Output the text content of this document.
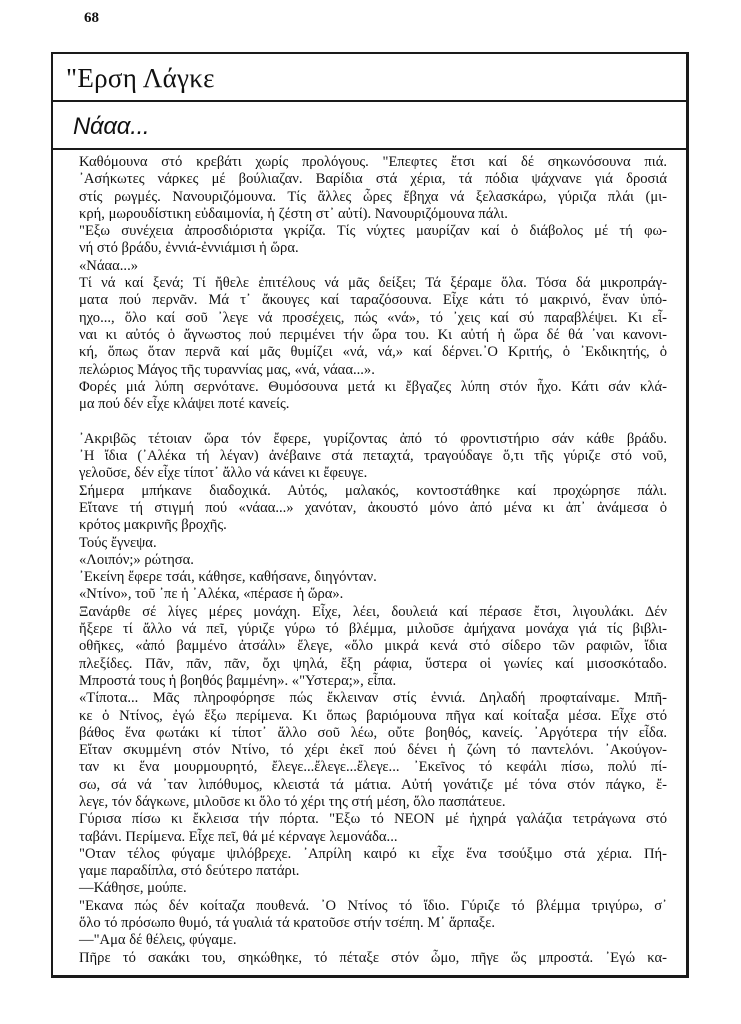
68
"Ερση Λάγκε
Νάαα...
Καθόμουνα στό κρεβάτι χωρίς προλόγους. "Επεφτες ἔτσι καί δέ σηκωνόσουνα πιά.
᾽Ασήκωτες νάρκες μέ βούλιαζαν. Βαρίδια στά χέρια, τά πόδια ψάχνανε γιά δροσιά
στίς ρωγμές. Νανουριζόμουνα. Τίς ἄλλες ὧρες ἔβηχα νά ξελασκάρω, γύριζα πλάι (μι-
κρή, μωρουδίστικη εὐδαιμονία, ἡ ζέστη στ᾽ αὐτί). Νανουριζόμουνα πάλι.
"Εξω συνέχεια ἀπροσδιόριστα γκρίζα. Τίς νύχτες μαυρίζαν καί ὁ διάβολος μέ τή φω-
νή στό βράδυ, ἐννιά-ἐννιάμισι ἡ ὥρα.
«Νάαα...»
Τί νά καί ξενά; Τί ἤθελε ἐπιτέλους νά μᾶς δείξει; Τά ξέραμε ὅλα. Τόσα δά μικροπράγ-
ματα πού περνᾶν. Μά τ᾽ ἄκουγες καί ταραζόσουνα. Εἶχε κάτι τό μακρινό, ἕναν ὑπό-
ηχο..., ὅλο καί σοῦ ᾽λεγε νά προσέχεις, πώς «νά», τό ᾽χεις καί σύ παραβλέψει. Κι εἶ-
ναι κι αὐτός ὁ ἄγνωστος πού περιμένει τήν ὥρα του. Κι αὐτή ἡ ὥρα δέ θά ᾽ναι κανονι-
κή, ὅπως ὅταν περνᾶ καί μᾶς θυμίζει «νά, νά,» καί δέρνει.᾽Ο Κριτής, ὁ ᾽Εκδικητής, ὁ
πελώριος Μάγος τῆς τυραννίας μας, «νά, νάαα...».
Φορές μιά λύπη σερνότανε. Θυμόσουνα μετά κι ἔβγαζες λύπη στόν ἦχο. Κάτι σάν κλά-
μα πού δέν εἶχε κλάψει ποτέ κανείς.
᾽Ακριβῶς τέτοιαν ὥρα τόν ἔφερε, γυρίζοντας ἀπό τό φροντιστήριο σάν κάθε βράδυ.
᾽Η ἴδια (᾽Αλέκα τή λέγαν) ἀνέβαινε στά πεταχτά, τραγούδαγε ὅ,τι τῆς γύριζε στό νοῦ,
γελοῦσε, δέν εἶχε τίποτ᾽ ἄλλο νά κάνει κι ἔφευγε.
Σήμερα μπήκανε διαδοχικά. Αὐτός, μαλακός, κοντοστάθηκε καί προχώρησε πάλι.
Εἴτανε τή στιγμή πού «νάαα...» χανόταν, ἀκουστό μόνο ἀπό μένα κι ἀπ᾽ ἀνάμεσα ὁ
κρότος μακρινῆς βροχῆς.
Τούς ἔγνεψα.
«Λοιπόν;» ρώτησα.
᾽Εκείνη ἔφερε τσάι, κάθησε, καθήσανε, διηγόνταν.
«Ντίνο», τοῦ ᾽πε ἡ ᾽Αλέκα, «πέρασε ἡ ὥρα».
Ξανάρθε σέ λίγες μέρες μονάχη. Εἶχε, λέει, δουλειά καί πέρασε ἔτσι, λιγουλάκι. Δέν
ἤξερε τί ἄλλο νά πεῖ, γύριζε γύρω τό βλέμμα, μιλοῦσε ἀμήχανα μονάχα γιά τίς βιβλι-
οθῆκες, «ἀπό βαμμένο ἀτσάλι» ἔλεγε, «ὅλο μικρά κενά στό σίδερο τῶν ραφιῶν, ἴδια
πλεξίδες. Πᾶν, πᾶν, πᾶν, ὄχι ψηλά, ἔξη ράφια, ὕστερα οἱ γωνίες καί μισοσκόταδο.
Μπροστά τους ἡ βοηθός βαμμένη». «"Υστερα;», εἶπα.
«Τίποτα... Μᾶς πληροφόρησε πώς ἔκλειναν στίς ἐννιά. Δηλαδή προφταίναμε. Μπῆ-
κε ὁ Ντίνος, ἐγώ ἔξω περίμενα. Κι ὅπως βαριόμουνα πῆγα καί κοίταξα μέσα. Εἶχε στό
βάθος ἕνα φωτάκι κί τίποτ᾽ ἄλλο σοῦ λέω, οὔτε βοηθός, κανείς. ᾽Αργότερα τήν εἶδα.
Εἴταν σκυμμένη στόν Ντίνο, τό χέρι ἐκεῖ πού δένει ἡ ζώνη τό παντελόνι. ᾽Ακούγον-
ταν κι ἕνα μουρμουρητό, ἔλεγε...ἔλεγε...ἔλεγε... ᾽Εκεῖνος τό κεφάλι πίσω, πολύ πί-
σω, σά νά ᾽ταν λιπόθυμος, κλειστά τά μάτια. Αὐτή γονάτιζε μέ τόνα στόν πάγκο, ἔ-
λεγε, τόν δάγκωνε, μιλοῦσε κι ὅλο τό χέρι της στή μέση, ὅλο πασπάτευε.
Γύρισα πίσω κι ἔκλεισα τήν πόρτα. "Εξω τό ΝΕΟΝ μέ ἠχηρά γαλάζια τετράγωνα στό
ταβάνι. Περίμενα. Εἶχε πεῖ, θά μέ κέρναγε λεμονάδα...
"Οταν τέλος φύγαμε ψιλόβρεχε. ᾽Απρίλη καιρό κι εἶχε ἕνα τσούξιμο στά χέρια. Πή-
γαμε παραδίπλα, στό δεύτερο πατάρι.
—Κάθησε, μούπε.
"Εκανα πώς δέν κοίταζα πουθενά. ᾽Ο Ντίνος τό ἴδιο. Γύριζε τό βλέμμα τριγύρω, σ᾽
ὅλο τό πρόσωπο θυμό, τά γυαλιά τά κρατοῦσε στήν τσέπη. Μ᾽ ἅρπαξε.
—"Αμα δέ θέλεις, φύγαμε.
Πῆρε τό σακάκι του, σηκώθηκε, τό πέταξε στόν ὦμο, πῆγε ὥς μπροστά. ᾽Εγώ κα-
